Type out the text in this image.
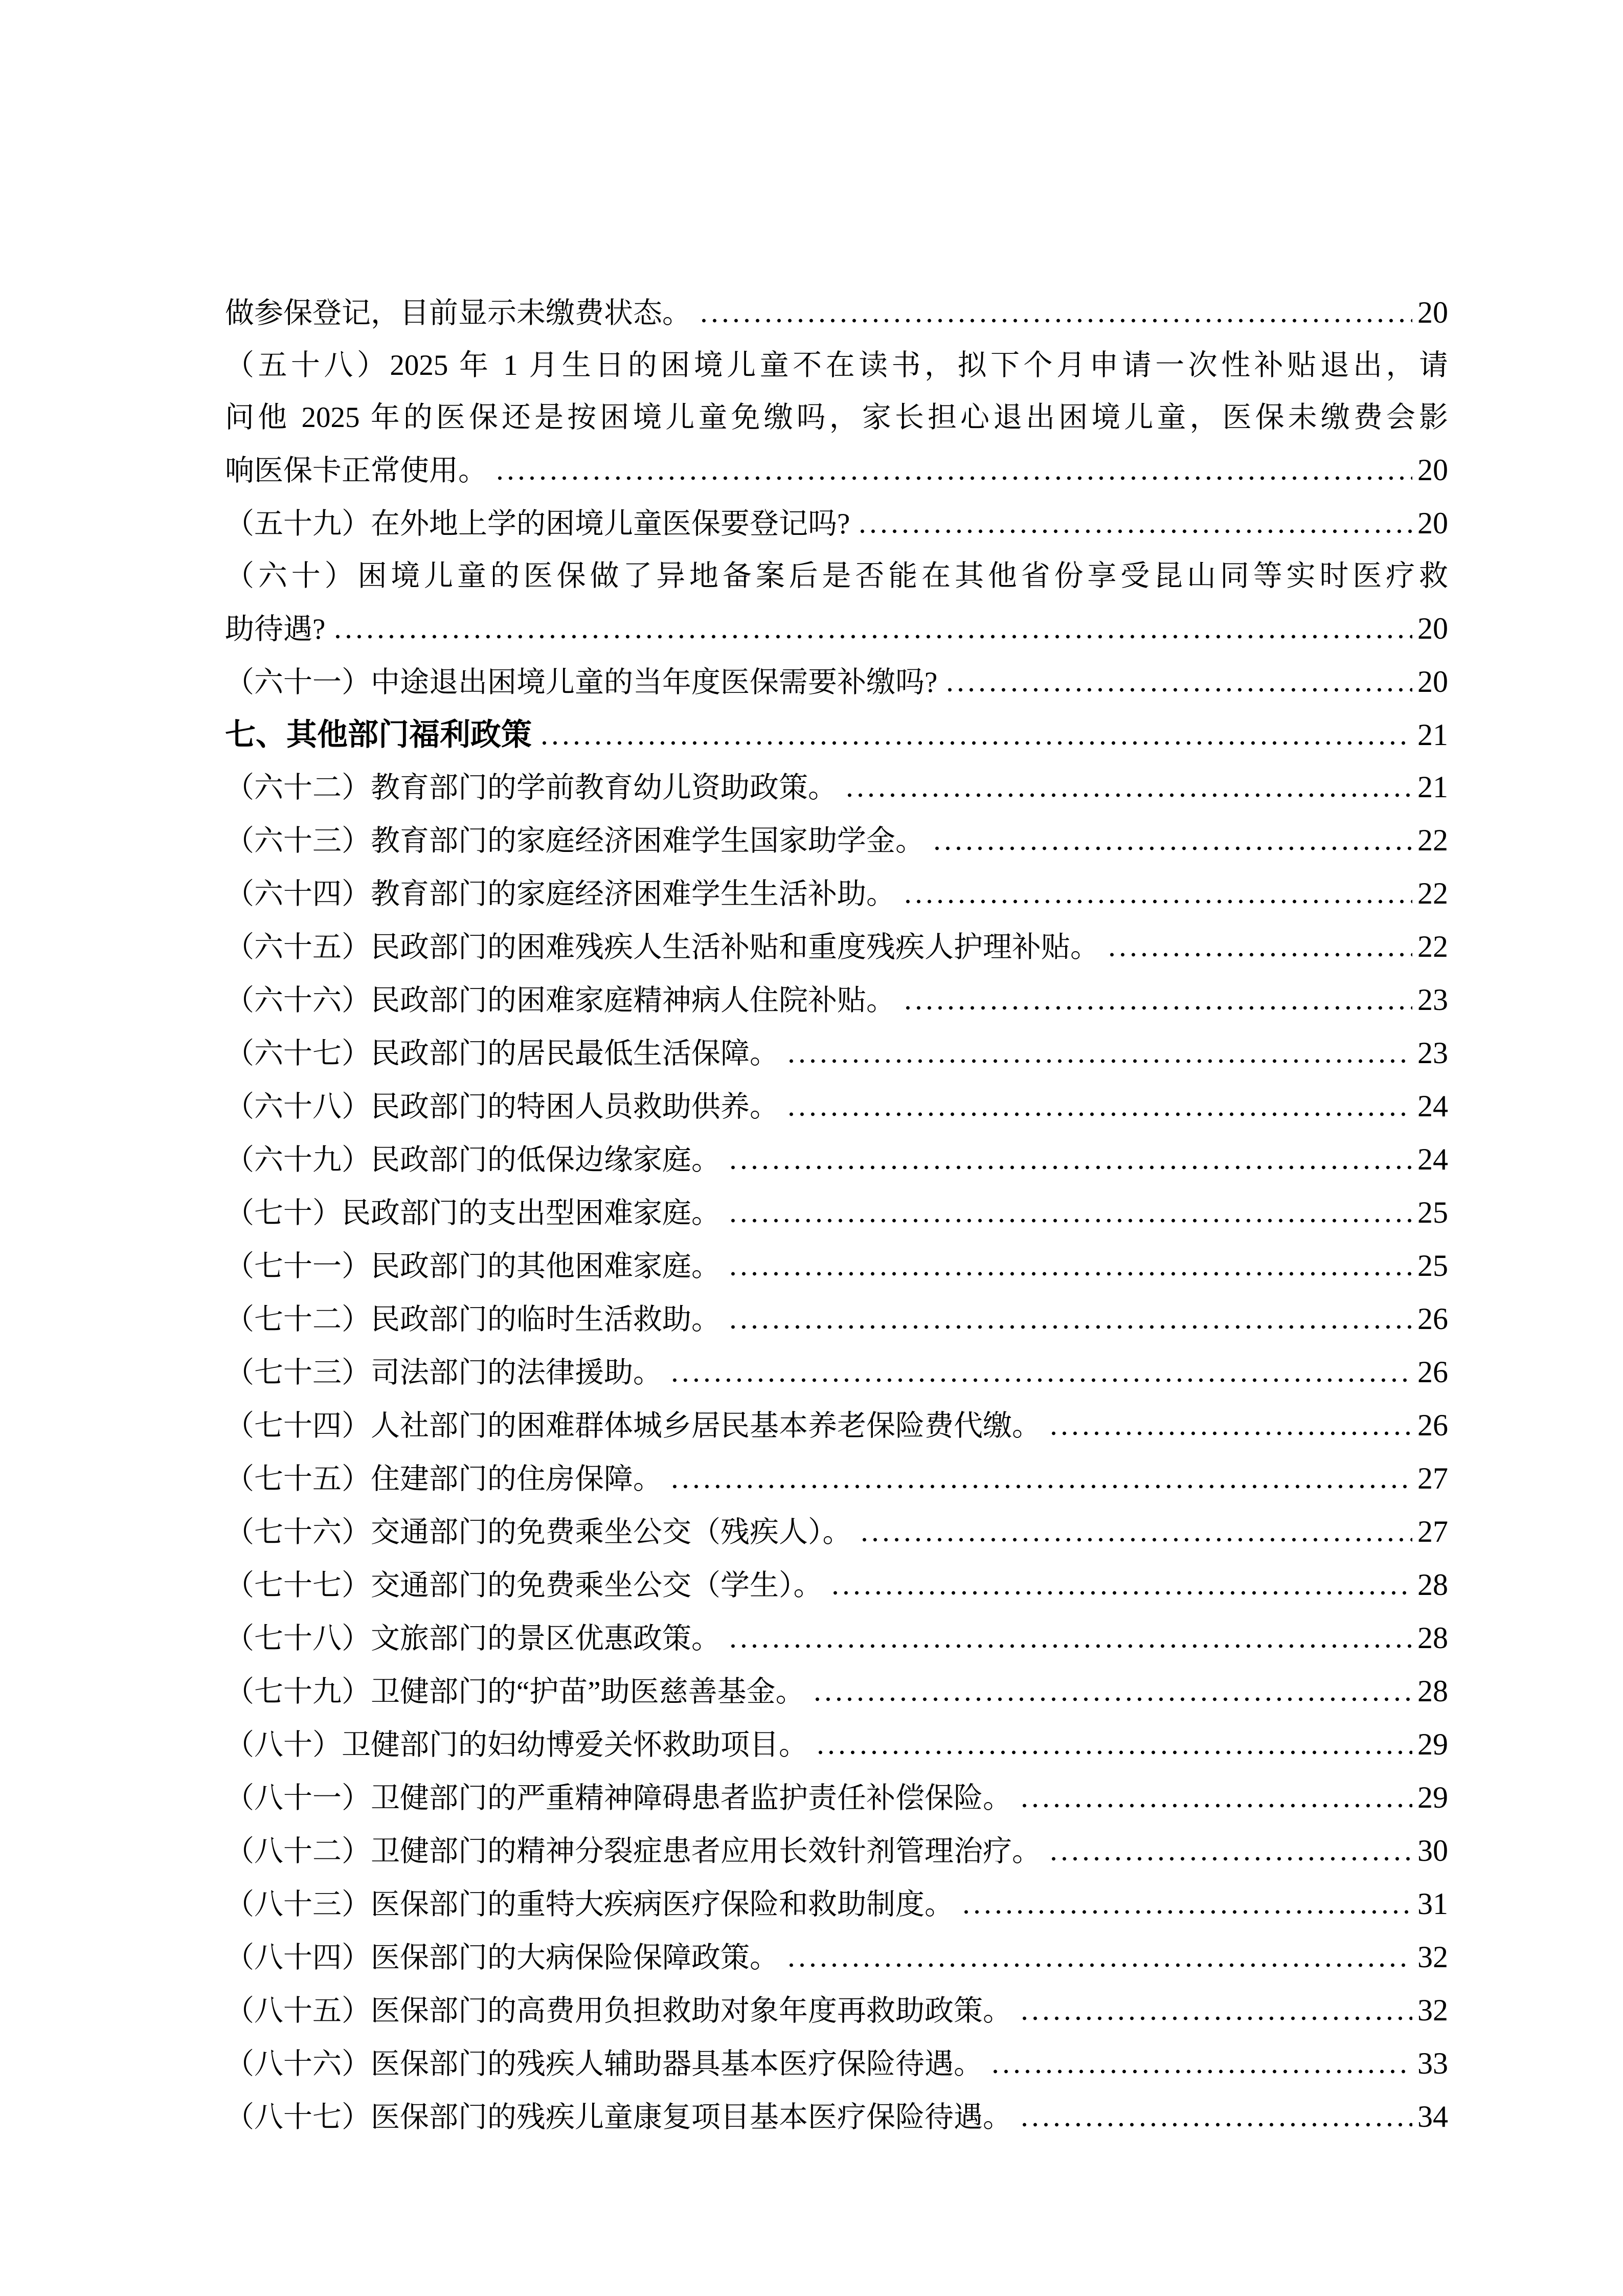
做参保登记，目前显示未缴费状态。	20
（五十八）2025 年 1 月生日的困境儿童不在读书，拟下个月申请一次性补贴退出，请
问他 2025 年的医保还是按困境儿童免缴吗，家长担心退出困境儿童，医保未缴费会影
响医保卡正常使用。	20
（五十九）在外地上学的困境儿童医保要登记吗?	20
（六十）困境儿童的医保做了异地备案后是否能在其他省份享受昆山同等实时医疗救
助待遇?	20
（六十一）中途退出困境儿童的当年度医保需要补缴吗?	20
七、其他部门福利政策	21
（六十二）教育部门的学前教育幼儿资助政策。	21
（六十三）教育部门的家庭经济困难学生国家助学金。	22
（六十四）教育部门的家庭经济困难学生生活补助。	22
（六十五）民政部门的困难残疾人生活补贴和重度残疾人护理补贴。	22
（六十六）民政部门的困难家庭精神病人住院补贴。	23
（六十七）民政部门的居民最低生活保障。	23
（六十八）民政部门的特困人员救助供养。	24
（六十九）民政部门的低保边缘家庭。	24
（七十）民政部门的支出型困难家庭。	25
（七十一）民政部门的其他困难家庭。	25
（七十二）民政部门的临时生活救助。	26
（七十三）司法部门的法律援助。	26
（七十四）人社部门的困难群体城乡居民基本养老保险费代缴。	26
（七十五）住建部门的住房保障。	27
（七十六）交通部门的免费乘坐公交（残疾人）。	27
（七十七）交通部门的免费乘坐公交（学生）。	28
（七十八）文旅部门的景区优惠政策。	28
（七十九）卫健部门的“护苗”助医慈善基金。	28
（八十）卫健部门的妇幼博爱关怀救助项目。	29
（八十一）卫健部门的严重精神障碍患者监护责任补偿保险。	29
（八十二）卫健部门的精神分裂症患者应用长效针剂管理治疗。	30
（八十三）医保部门的重特大疾病医疗保险和救助制度。	31
（八十四）医保部门的大病保险保障政策。	32
（八十五）医保部门的高费用负担救助对象年度再救助政策。	32
（八十六）医保部门的残疾人辅助器具基本医疗保险待遇。	33
（八十七）医保部门的残疾儿童康复项目基本医疗保险待遇。	34
